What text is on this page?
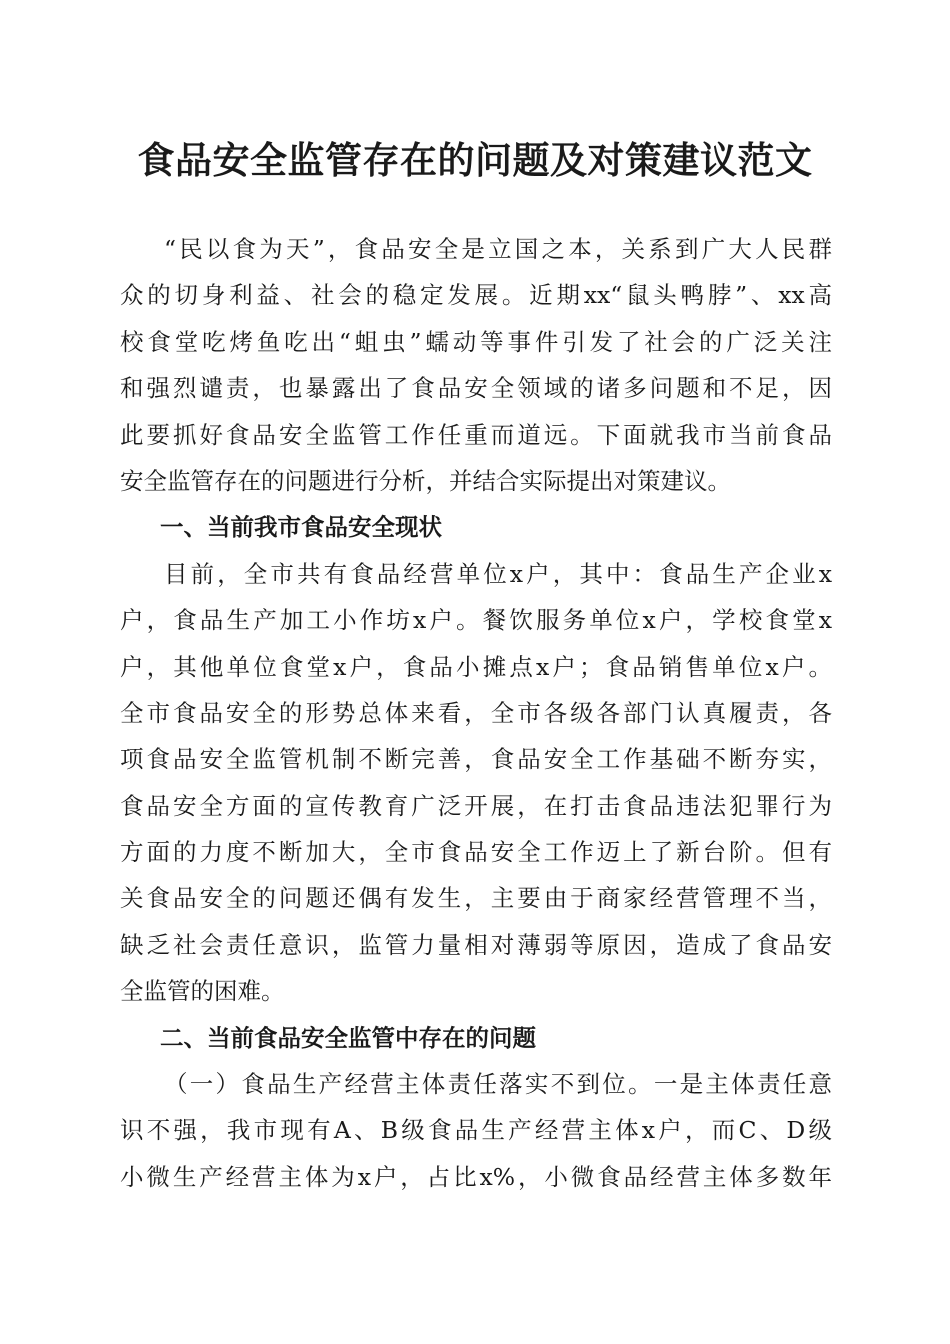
食品安全监管存在的问题及对策建议范文
“民以食为天”，食品安全是立国之本，关系到广大人民群
众的切身利益、社会的稳定发展。近期xx“鼠头鸭脖”、xx高
校食堂吃烤鱼吃出“蛆虫”蠕动等事件引发了社会的广泛关注
和强烈谴责，也暴露出了食品安全领域的诸多问题和不足，因
此要抓好食品安全监管工作任重而道远。下面就我市当前食品
安全监管存在的问题进行分析，并结合实际提出对策建议。
一、当前我市食品安全现状
目前，全市共有食品经营单位x户，其中：食品生产企业x
户，食品生产加工小作坊x户。餐饮服务单位x户，学校食堂x
户，其他单位食堂x户，食品小摊点x户；食品销售单位x户。
全市食品安全的形势总体来看，全市各级各部门认真履责，各
项食品安全监管机制不断完善，食品安全工作基础不断夯实，
食品安全方面的宣传教育广泛开展，在打击食品违法犯罪行为
方面的力度不断加大，全市食品安全工作迈上了新台阶。但有
关食品安全的问题还偶有发生，主要由于商家经营管理不当，
缺乏社会责任意识，监管力量相对薄弱等原因，造成了食品安
全监管的困难。
二、当前食品安全监管中存在的问题
（一）食品生产经营主体责任落实不到位。一是主体责任意
识不强，我市现有A、B级食品生产经营主体x户，而C、D级
小微生产经营主体为x户，占比x%，小微食品经营主体多数年
